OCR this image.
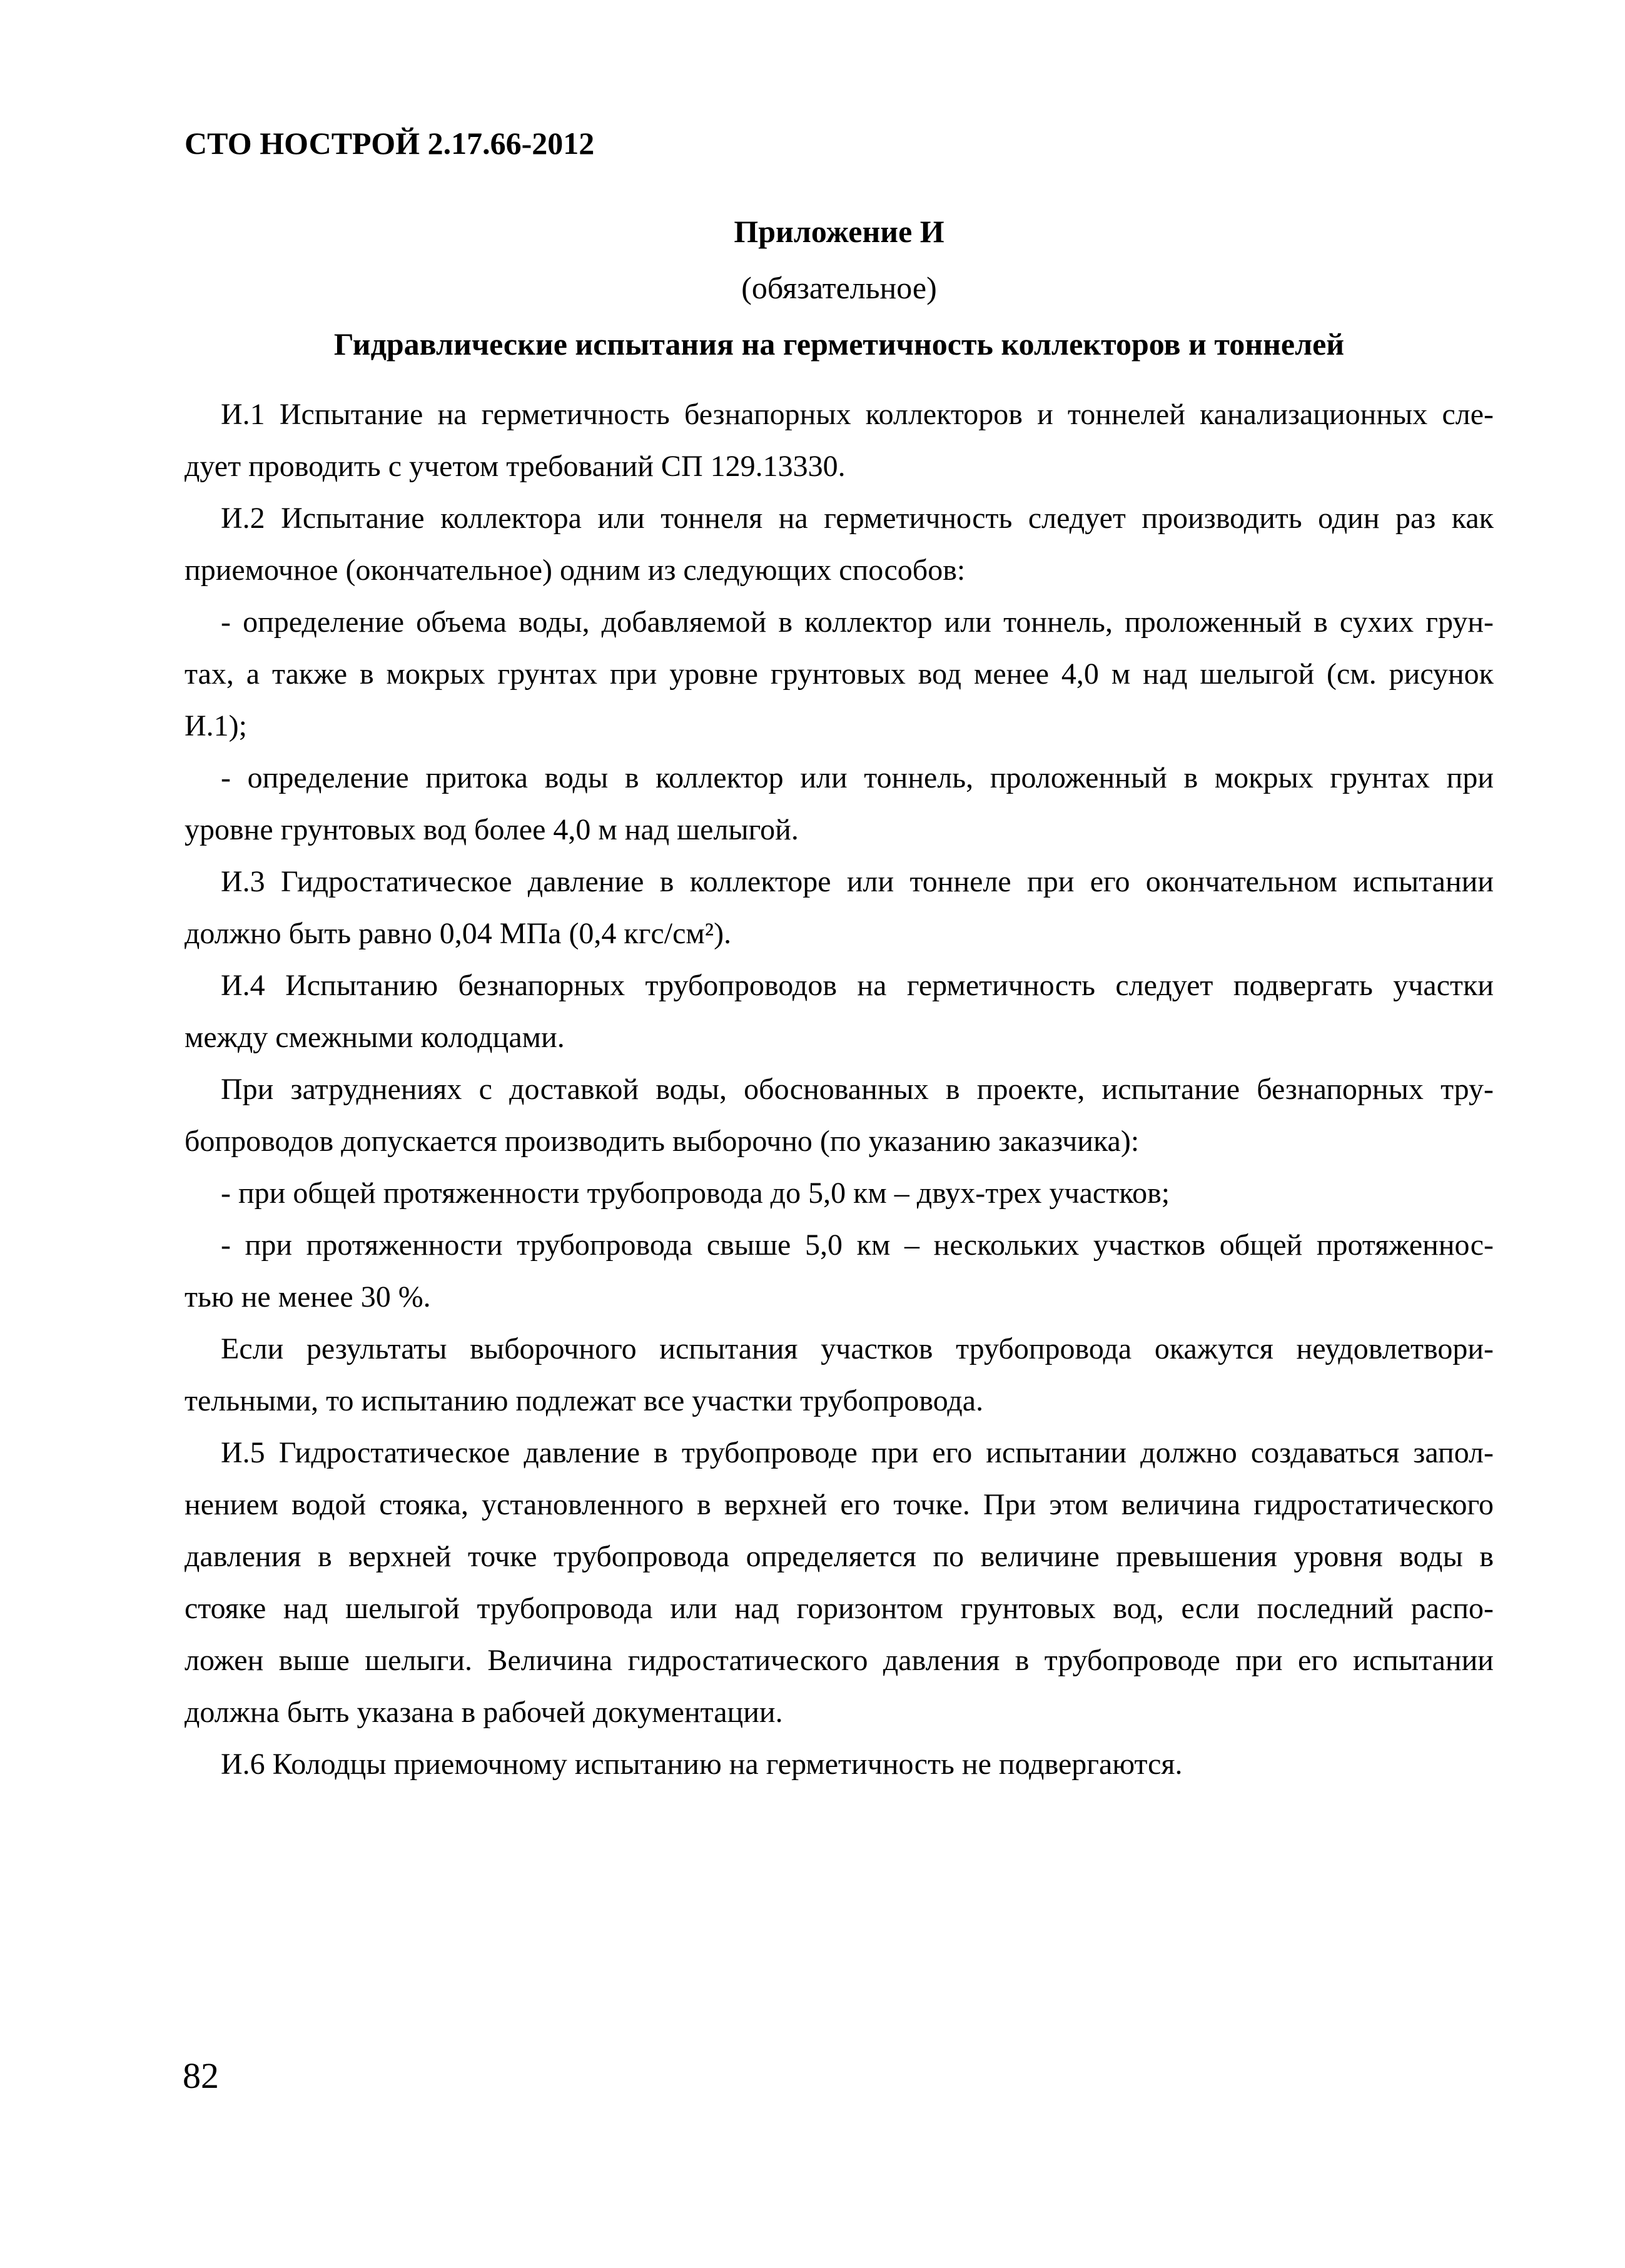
СТО НОСТРОЙ 2.17.66-2012
Приложение И
(обязательное)
Гидравлические испытания на герметичность коллекторов и тоннелей
И.1 Испытание на герметичность безнапорных коллекторов и тоннелей канализационных сле-
дует проводить с учетом требований СП 129.13330.
И.2 Испытание коллектора или тоннеля на герметичность следует производить один раз как
приемочное (окончательное) одним из следующих способов:
- определение объема воды, добавляемой в коллектор или тоннель, проложенный в сухих грун-
тах, а также в мокрых грунтах при уровне грунтовых вод менее 4,0 м над шелыгой (см. рисунок
И.1);
- определение притока воды в коллектор или тоннель, проложенный в мокрых грунтах при
уровне грунтовых вод более 4,0 м над шелыгой.
И.3 Гидростатическое давление в коллекторе или тоннеле при его окончательном испытании
должно быть равно 0,04 МПа (0,4 кгс/см²).
И.4 Испытанию безнапорных трубопроводов на герметичность следует подвергать участки
между смежными колодцами.
При затруднениях с доставкой воды, обоснованных в проекте, испытание безнапорных тру-
бопроводов допускается производить выборочно (по указанию заказчика):
- при общей протяженности трубопровода до 5,0 км – двух-трех участков;
- при протяженности трубопровода свыше 5,0 км – нескольких участков общей протяженнос-
тью не менее 30 %.
Если результаты выборочного испытания участков трубопровода окажутся неудовлетвори-
тельными, то испытанию подлежат все участки трубопровода.
И.5 Гидростатическое давление в трубопроводе при его испытании должно создаваться запол-
нением водой стояка, установленного в верхней его точке. При этом величина гидростатического
давления в верхней точке трубопровода определяется по величине превышения уровня воды в
стояке над шелыгой трубопровода или над горизонтом грунтовых вод, если последний распо-
ложен выше шелыги. Величина гидростатического давления в трубопроводе при его испытании
должна быть указана в рабочей документации.
И.6 Колодцы приемочному испытанию на герметичность не подвергаются.
82
